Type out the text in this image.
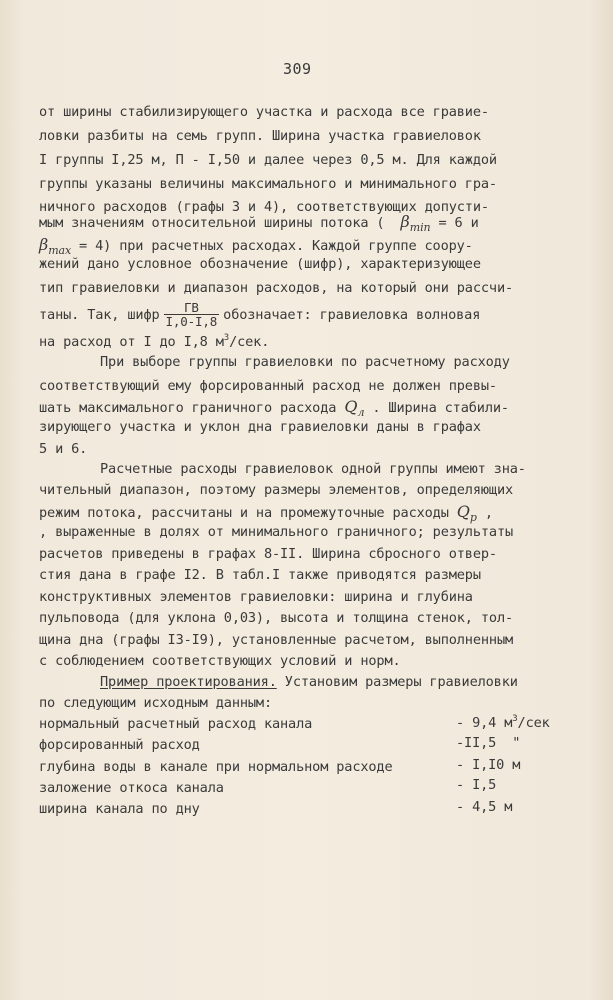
309
от ширины стабилизирующего участка и расхода все гравие-
ловки разбиты на семь групп. Ширина участка гравиеловок
I группы I,25 м, П - I,50 и далее через 0,5 м. Для каждой
группы указаны величины максимального и минимального гра-
ничного расходов (графы 3 и 4), соответствующих допусти-
мым значениям относительной ширины потока ( $\beta_{min} = 6$ и
$\beta_{max} = 4$) при расчетных расходах. Каждой группе соору-
жений дано условное обозначение (шифр), характеризующее
тип гравиеловки и диапазон расходов, на который они рассчи-
таны. Так, шифр $\frac{ГВ}{I,0-I,8}$ обозначает: гравиеловка волновая
на расход от I до I,8 $м^3$/сек.
При выборе группы гравиеловки по расчетному расходу
соответствующий ему форсированный расход не должен превы-
шать максимального граничного расхода $Q_л$ . Ширина стабили-
зирующего участка и уклон дна гравиеловки даны в графах
5 и 6.
Расчетные расходы гравиеловок одной группы имеют зна-
чительный диапазон, поэтому размеры элементов, определяющих
режим потока, рассчитаны и на промежуточные расходы $Q_р$ ,
, выраженные в долях от минимального граничного; результаты
расчетов приведены в графах 8-II. Ширина сбросного отвер-
стия дана в графе I2. В табл.I также приводятся размеры
конструктивных элементов гравиеловки: ширина и глубина
пульповода (для уклона 0,03), высота и толщина стенок, тол-
щина дна (графы I3-I9), установленные расчетом, выполненным
с соблюдением соответствующих условий и норм.
Пример проектирования. Установим размеры гравиеловки
по следующим исходным данным:
нормальный расчетный расход канала	- 9,4 $м^3$/сек
форсированный расход	-II,5  "
глубина воды в канале при нормальном расходе	- I,I0 м
заложение откоса канала	- I,5
ширина канала по дну	- 4,5 м
